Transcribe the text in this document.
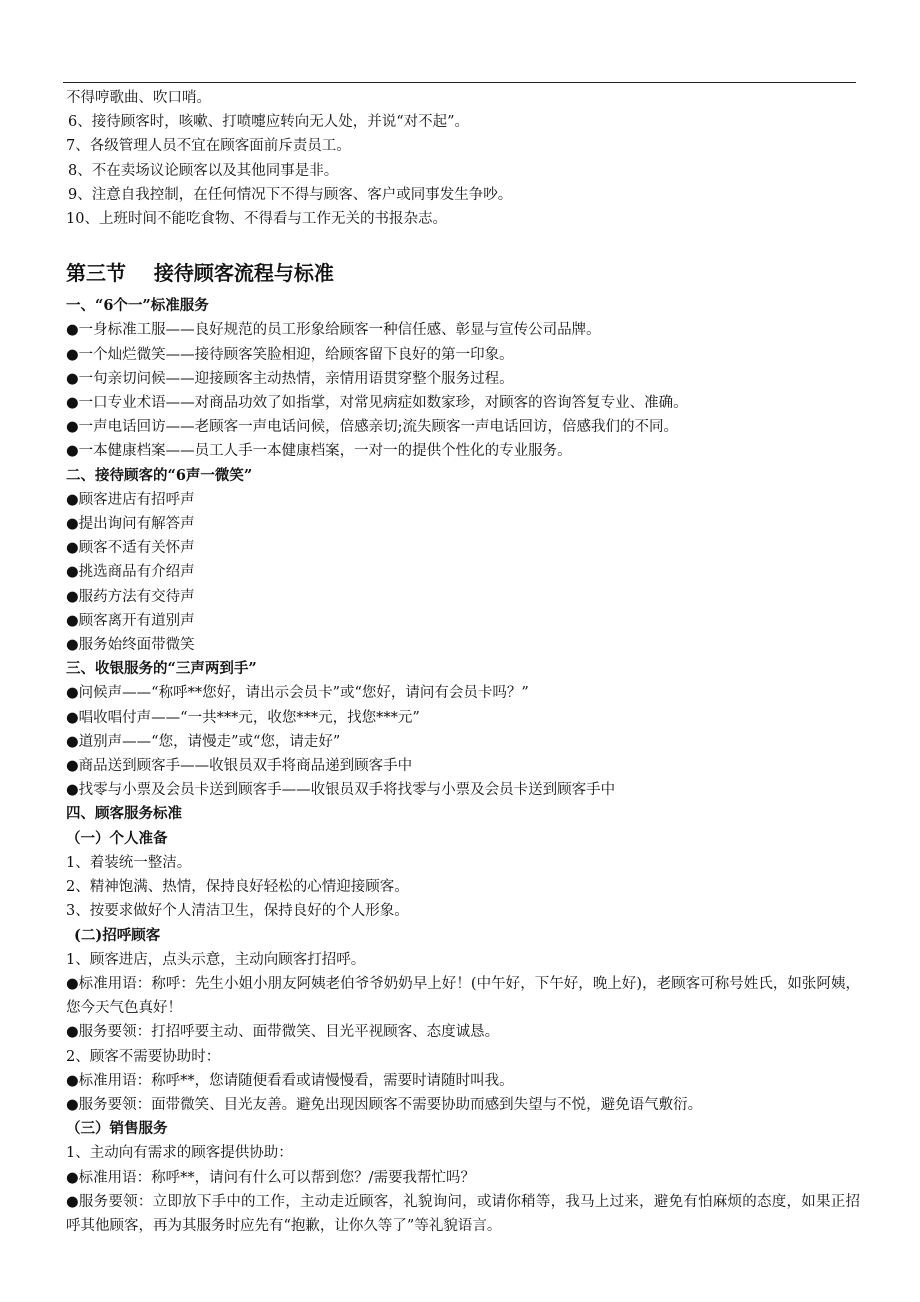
不得哼歌曲、吹口哨。
6、接待顾客时，咳嗽、打喷嚏应转向无人处，并说“对不起”。
7、各级管理人员不宜在顾客面前斥责员工。
8、不在卖场议论顾客以及其他同事是非。
9、注意自我控制，在任何情况下不得与顾客、客户或同事发生争吵。
10、上班时间不能吃食物、不得看与工作无关的书报杂志。
第三节    接待顾客流程与标准
一、“6个一”标准服务
●一身标准工服——良好规范的员工形象给顾客一种信任感、彰显与宣传公司品牌。
●一个灿烂微笑——接待顾客笑脸相迎，给顾客留下良好的第一印象。
●一句亲切问候——迎接顾客主动热情，亲情用语贯穿整个服务过程。
●一口专业术语——对商品功效了如指掌，对常见病症如数家珍，对顾客的咨询答复专业、准确。
●一声电话回访——老顾客一声电话问候，倍感亲切;流失顾客一声电话回访，倍感我们的不同。
●一本健康档案——员工人手一本健康档案，一对一的提供个性化的专业服务。
二、接待顾客的“6声一微笑”
●顾客进店有招呼声
●提出询问有解答声
●顾客不适有关怀声
●挑选商品有介绍声
●服药方法有交待声
●顾客离开有道别声
●服务始终面带微笑
三、收银服务的“三声两到手”
●问候声——“称呼**您好，请出示会员卡”或“您好，请问有会员卡吗？”
●唱收唱付声——“一共***元，收您***元，找您***元”
●道别声——“您，请慢走”或“您，请走好”
●商品送到顾客手——收银员双手将商品递到顾客手中
●找零与小票及会员卡送到顾客手——收银员双手将找零与小票及会员卡送到顾客手中
四、顾客服务标准
（一）个人准备
1、着装统一整洁。
2、精神饱满、热情，保持良好轻松的心情迎接顾客。
3、按要求做好个人清洁卫生，保持良好的个人形象。
(二)招呼顾客
1、顾客进店，点头示意，主动向顾客打招呼。
●标准用语：称呼：先生小姐小朋友阿姨老伯爷爷奶奶早上好！(中午好，下午好，晚上好)，老顾客可称号姓氏，如张阿姨，您今天气色真好！
●服务要领：打招呼要主动、面带微笑、目光平视顾客、态度诚恳。
2、顾客不需要协助时：
●标准用语：称呼**，您请随便看看或请慢慢看，需要时请随时叫我。
●服务要领：面带微笑、目光友善。避免出现因顾客不需要协助而感到失望与不悦，避免语气敷衍。
（三）销售服务
1、主动向有需求的顾客提供协助：
●标准用语：称呼**，请问有什么可以帮到您？/需要我帮忙吗？
●服务要领：立即放下手中的工作，主动走近顾客，礼貌询问，或请你稍等，我马上过来，避免有怕麻烦的态度，如果正招呼其他顾客，再为其服务时应先有“抱歉，让你久等了”等礼貌语言。
